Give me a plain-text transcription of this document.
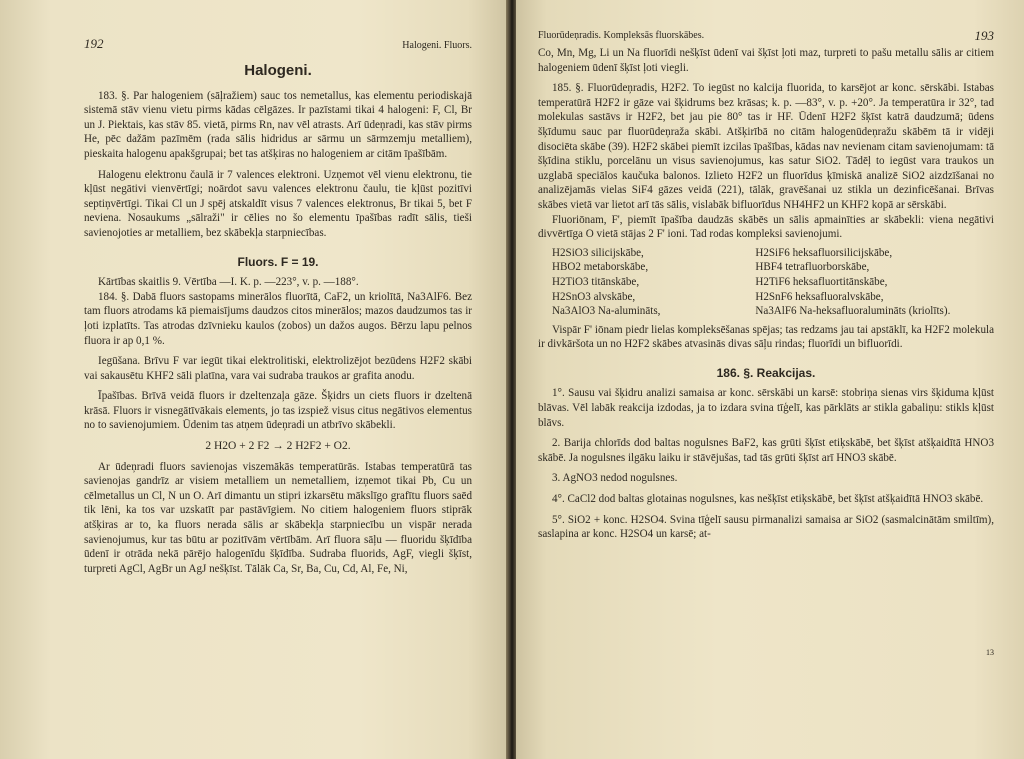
192	Halogeni. Fluors.
Halogeni.

183. §. Par halogeniem (sāļražiem) sauc tos nemetallus, kas elementu periodiskajā sistemā stāv vienu vietu pirms kādas cēlgāzes. Ir pazīstami tikai 4 halogeni: F, Cl, Br un J. Piektais, kas stāv 85. vietā, pirms Rn, nav vēl atrasts. Arī ūdeņradi, kas stāv pirms He, pēc dažām pazīmēm (rada sālis hidridus ar sārmu un sārmzemju metalliem), pieskaita halogenu apakšgrupai; bet tas atšķiras no halogeniem ar citām īpašībām.

Halogenu elektronu čaulā ir 7 valences elektroni. Uzņemot vēl vienu elektronu, tie kļūst negātivi vienvērtīgi; noārdot savu valences elektronu čaulu, tie kļūst pozitīvi septiņvērtīgi. Tikai Cl un J spēj atskaldīt visus 7 valences elektronus, Br tikai 5, bet F neviena. Nosaukums „sālraži" ir cēlies no šo elementu īpašības radīt sālis, tieši savienojoties ar metalliem, bez skābekļa starpniecības.

Fluors. F = 19.

Kārtības skaitlis 9. Vērtība —I. K. p. —223°, v. p. —188°.

184. §. Dabā fluors sastopams minerālos fluorītā, CaF2, un kriolītā, Na3AlF6. Bez tam fluors atrodams kā piemaisījums daudzos citos minerālos; mazos daudzumos tas ir ļoti izplatīts. Tas atrodas dzīvnieku kaulos (zobos) un dažos augos. Bērzu lapu pelnos fluora ir ap 0,1 %.

Iegūšana. Brīvu F var iegūt tikai elektrolitiski, elektrolizējot bezūdens H2F2 skābi vai sakausētu KHF2 sāli platīna, vara vai sudraba traukos ar grafita anodu.

Īpašības. Brīvā veidā fluors ir dzeltenzaļa gāze. Šķidrs un ciets fluors ir dzeltenā krāsā. Fluors ir visnegātīvākais elements, jo tas izspiež visus citus negātivos elementus no to savienojumiem. Ūdenim tas atņem ūdeņradi un atbrīvo skābekli.

2 H2O + 2 F2 → 2 H2F2 + O2.

Ar ūdeņradi fluors savienojas viszemākās temperatūrās. Istabas temperatūrā tas savienojas gandrīz ar visiem metalliem un nemetalliem, izņemot tikai Pb, Cu un cēlmetallus un Cl, N un O. Arī dimantu un stipri izkarsētu mākslīgo grafītu fluors saēd tik lēni, ka tos var uzskatīt par pastāvīgiem. No citiem halogeniem fluors stiprāk atšķiras ar to, ka fluors nerada sālis ar skābekļa starpniecību un vispār nerada savienojumus, kur tas būtu ar pozitīvām vērtībām. Arī fluora sāļu — fluoridu šķīdība ūdenī ir otrāda nekā pārējo halogenīdu šķīdība. Sudraba fluorids, AgF, viegli šķīst, turpreti AgCl, AgBr un AgJ nešķīst. Tālāk Ca, Sr, Ba, Cu, Cd, Al, Fe, Ni,

Fluorūdeņradis. Kompleksās fluorskābes.	193

Co, Mn, Mg, Li un Na fluorīdi nešķīst ūdenī vai šķīst ļoti maz, turpreti to pašu metallu sālis ar citiem halogeniem ūdenī šķīst ļoti viegli.

185. §. Fluorūdeņradis, H2F2. To iegūst no kalcija fluorida, to karsējot ar konc. sērskābi. Istabas temperatūrā H2F2 ir gāze vai šķidrums bez krāsas; k. p. —83°, v. p. +20°. Ja temperatūra ir 32°, tad molekulas sastāvs ir H2F2, bet jau pie 80° tas ir HF. Ūdenī H2F2 šķīst katrā daudzumā; ūdens šķīdumu sauc par fluorūdeņraža skābi. Atšķirībā no citām halogenūdeņražu skābēm tā ir vidēji disociēta skābe (39). H2F2 skābei piemīt izcilas īpašības, kādas nav nevienam citam savienojumam: tā šķīdina stiklu, porcelānu un visus savienojumus, kas satur SiO2. Tādēļ to iegūst vara traukos un uzglabā speciālos kaučuka balonos. Izlieto H2F2 un fluorīdus ķīmiskā analizē SiO2 aizdzīšanai no analizējamās vielas SiF4 gāzes veidā (221), tālāk, gravēšanai uz stikla un dezinficēšanai. Brīvas skābes vietā var lietot arī tās sālis, vislabāk bifluorīdus NH4HF2 un KHF2 kopā ar sērskābi.

Fluoriōnam, F', piemīt īpašība daudzās skābēs un sālis apmainīties ar skābekli: viena negātivi divvērtīga O vietā stājas 2 F' ioni. Tad rodas kompleksi savienojumi.

H2SiO3 silicijskābe,
HBO2 metaborskābe,
H2TiO3 titānskābe,
H2SnO3 alvskābe,
Na3AlO3 Na-alumināts,
H2SiF6 heksafluorsilicijskābe,
HBF4 tetrafluorborskābe,
H2TiF6 heksafluortitānskābe,
H2SnF6 heksafluoralvskābe,
Na3AlF6 Na-heksafluoralumināts (kriolīts).

Vispār F' iōnam piedr lielas kompleksēšanas spējas; tas redzams jau tai apstāklī, ka H2F2 molekula ir divkāršota un no H2F2 skābes atvasinās divas sāļu rindas; fluorīdi un bifluorīdi.

186. §. Reakcijas.

1°. Sausu vai šķidru analizi samaisa ar konc. sērskābi un karsē: stobriņa sienas virs šķiduma kļūst blāvas. Vēl labāk reakcija izdodas, ja to izdara svina tīģelī, kas pārklāts ar stikla gabaliņu: stikls kļūst blāvs.

2. Barija chlorīds dod baltas nogulsnes BaF2, kas grūti šķīst etiķskābē, bet šķīst atšķaidītā HNO3 skābē. Ja nogulsnes ilgāku laiku ir stāvējušas, tad tās grūti šķīst arī HNO3 skābē.

3. AgNO3 nedod nogulsnes.

4°. CaCl2 dod baltas glotainas nogulsnes, kas nešķīst etiķskābē, bet šķīst atšķaidītā HNO3 skābē.

5°. SiO2 + konc. H2SO4. Svina tīģelī sausu pirmanalizi samaisa ar SiO2 (sasmalcinātām smiltīm), saslapina ar konc. H2SO4 un karsē; at-

13
